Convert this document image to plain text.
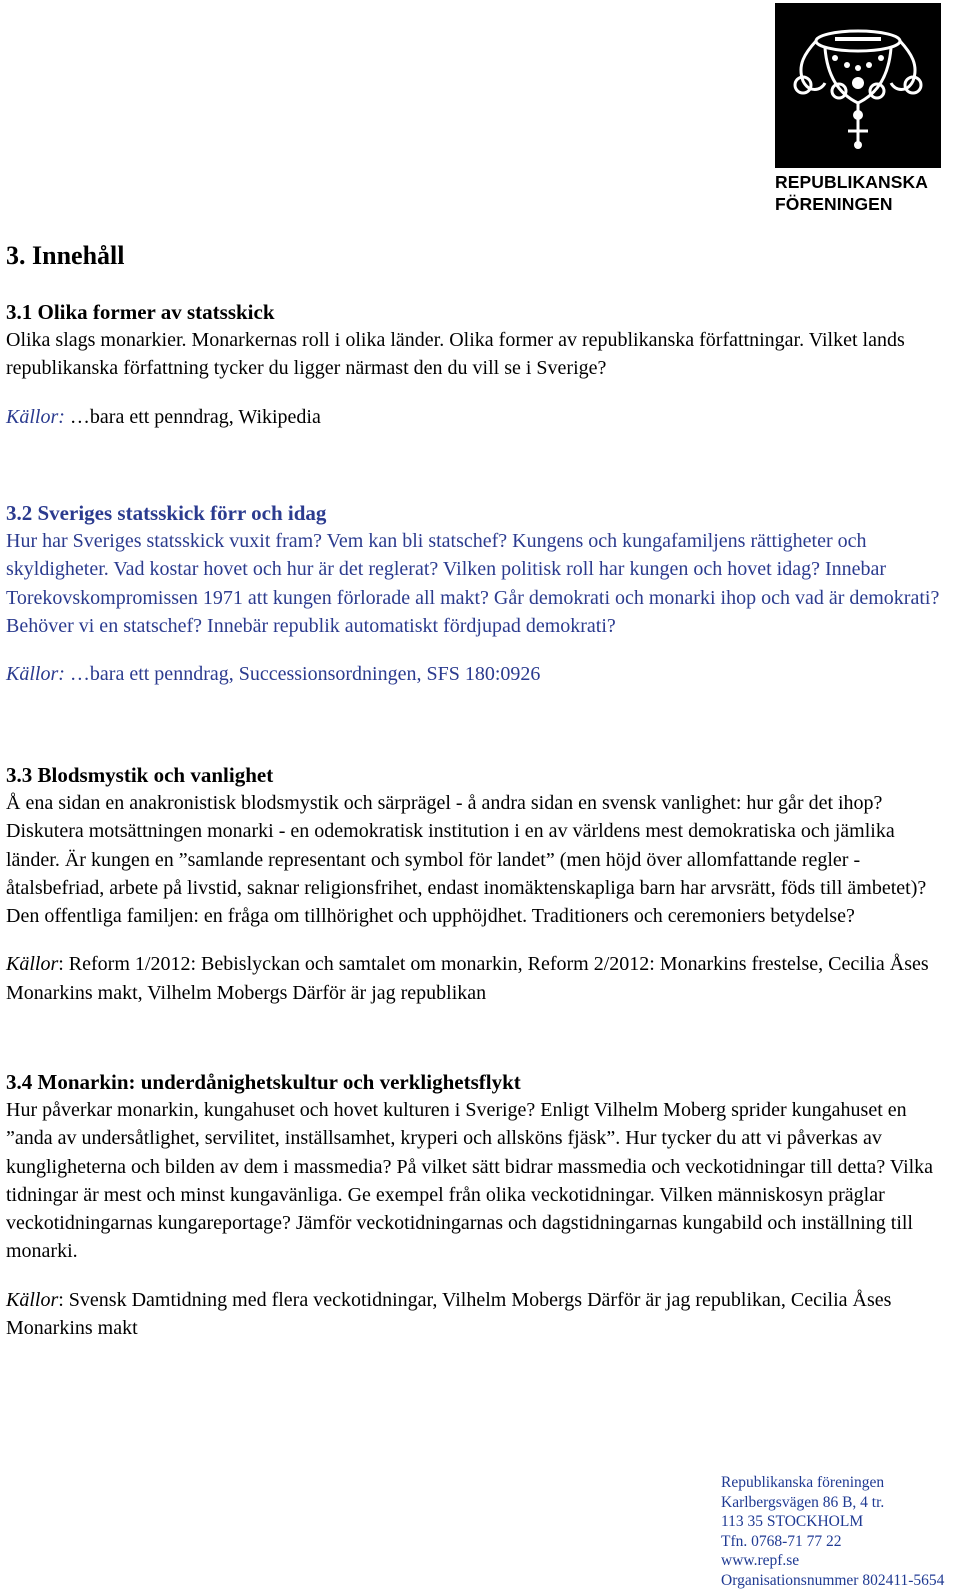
REPUBLIKANSKA
FÖRENINGEN
3. Innehåll
3.1 Olika former av statsskick

Olika slags monarkier. Monarkernas roll i olika länder. Olika former av republikanska författningar. Vilket lands republikanska författning tycker du ligger närmast den du vill se i Sverige?

Källor: …bara ett penndrag, Wikipedia

3.2 Sveriges statsskick förr och idag

Hur har Sveriges statsskick vuxit fram? Vem kan bli statschef? Kungens och kungafamiljens rättigheter och skyldigheter. Vad kostar hovet och hur är det reglerat? Vilken politisk roll har kungen och hovet idag? Innebar Torekovskompromissen 1971 att kungen förlorade all makt? Går demokrati och monarki ihop och vad är demokrati? Behöver vi en statschef? Innebär republik automatiskt fördjupad demokrati?

Källor: …bara ett penndrag, Successionsordningen, SFS 180:0926

3.3 Blodsmystik och vanlighet

Å ena sidan en anakronistisk blodsmystik och särprägel - å andra sidan en svensk vanlighet: hur går det ihop? Diskutera motsättningen monarki - en odemokratisk institution i en av världens mest demokratiska och jämlika länder. Är kungen en ”samlande representant och symbol för landet” (men höjd över allomfattande regler - åtalsbefriad, arbete på livstid, saknar religionsfrihet, endast inomäktenskapliga barn har arvsrätt, föds till ämbetet)? Den offentliga familjen: en fråga om tillhörighet och upphöjdhet. Traditioners och ceremoniers betydelse?

Källor: Reform 1/2012: Bebislyckan och samtalet om monarkin, Reform 2/2012: Monarkins frestelse, Cecilia Åses Monarkins makt, Vilhelm Mobergs Därför är jag republikan

3.4 Monarkin: underdånighetskultur och verklighetsflykt

Hur påverkar monarkin, kungahuset och hovet kulturen i Sverige? Enligt Vilhelm Moberg sprider kungahuset en ”anda av undersåtlighet, servilitet, inställsamhet, kryperi och allsköns fjäsk”. Hur tycker du att vi påverkas av kungligheterna och bilden av dem i massmedia? På vilket sätt bidrar massmedia och veckotidningar till detta? Vilka tidningar är mest och minst kungavänliga. Ge exempel från olika veckotidningar. Vilken människosyn präglar veckotidningarnas kungareportage? Jämför veckotidningarnas och dagstidningarnas kungabild och inställning till monarki.

Källor: Svensk Damtidning med flera veckotidningar, Vilhelm Mobergs Därför är jag republikan, Cecilia Åses Monarkins makt

Republikanska föreningen
Karlbergsvägen 86 B, 4 tr.
113 35 STOCKHOLM
Tfn. 0768-71 77 22
www.repf.se
Organisationsnummer 802411-5654
